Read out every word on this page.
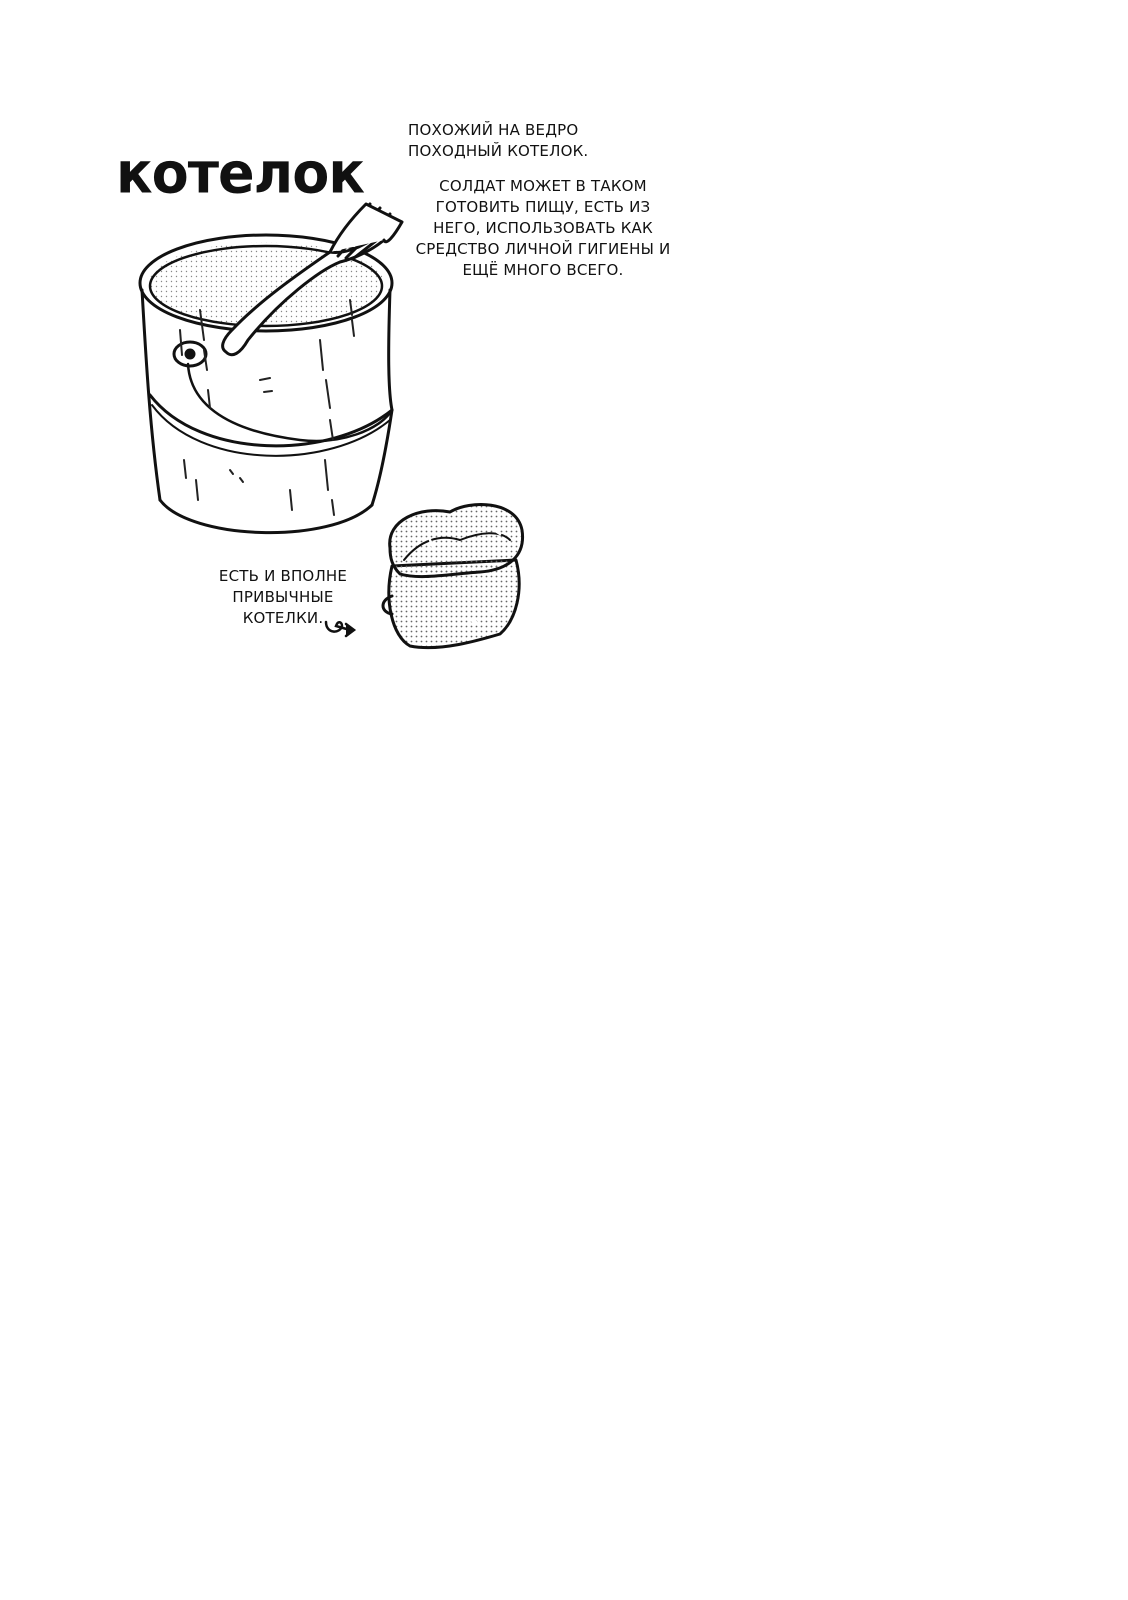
котелок

ПОХОЖИЙ НА ВЕДРО
ПОХОДНЫЙ КОТЕЛОК.

СОЛДАТ МОЖЕТ В ТАКОМ
ГОТОВИТЬ ПИЩУ, ЕСТЬ ИЗ
НЕГО, ИСПОЛЬЗОВАТЬ КАК
СРЕДСТВО ЛИЧНОЙ ГИГИЕНЫ И
ЕЩЁ МНОГО ВСЕГО.

ЕСТЬ И ВПОЛНЕ
ПРИВЫЧНЫЕ
КОТЕЛКИ.
